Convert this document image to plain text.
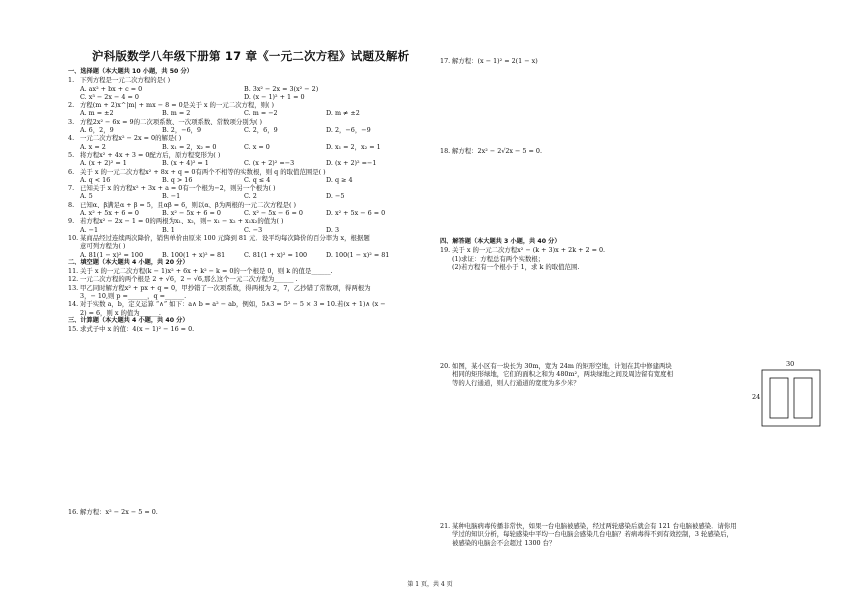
沪科版数学八年级下册第 17 章《一元二次方程》试题及解析
一、选择题（本大题共 10 小题，共 50 分）
1. 下列方程是一元二次方程的是( )
A. ax² + bx + c = 0	B. 3x² − 2x = 3(x² − 2)
C. x³ − 2x − 4 = 0	D. (x − 1)² + 1 = 0
2. 方程(m + 2)x^|m| + mx − 8 = 0是关于 x 的一元二次方程，则( )
A. m = ±2	B. m = 2	C. m = −2	D. m ≠ ±2
3. 方程2x² − 6x = 9的二次项系数、一次项系数、常数项分别为( )
A. 6，2，9	B. 2，−6，9	C. 2，6，9	D. 2，−6，−9
4. 一元二次方程x² − 2x = 0的解是( )
A. x = 2	B. x₁ = 2，x₂ = 0	C. x = 0	D. x₁ = 2，x₂ = 1
5. 将方程x² + 4x + 3 = 0配方后，原方程变形为( )
A. (x + 2)² = 1	B. (x + 4)² = 1	C. (x + 2)² =−3	D. (x + 2)² =−1
6. 关于 x 的一元二次方程x² + 8x + q = 0有两个不相等的实数根，则 q 的取值范围是( )
A. q < 16	B. q > 16	C. q ≤ 4	D. q ≥ 4
7. 已知关于 x 的方程x² + 3x + a = 0有一个根为−2，则另一个根为( )
A. 5	B. −1	C. 2	D. −5
8. 已知α、β满足α + β = 5，且αβ = 6，则以α、β为两根的一元二次方程是( )
A. x² + 5x + 6 = 0	B. x² − 5x + 6 = 0	C. x² − 5x − 6 = 0	D. x² + 5x − 6 = 0
9. 若方程x² − 2x − 1 = 0的两根为x₁、x₂，则− x₁ − x₂ + x₁x₂的值为( )
A. −1	B. 1	C. −3	D. 3
10. 某商品经过连续两次降价，销售单价由原来 100 元降到 81 元．设平均每次降价的百分率为 x，根据题
意可列方程为( )
A. 81(1 − x)² = 100	B. 100(1 + x)² = 81	C. 81(1 + x)² = 100	D. 100(1 − x)² = 81
二、填空题（本大题共 4 小题，共 20 分）
11. 关于 x 的一元二次方程(k − 1)x² + 6x + k² − k = 0的一个根是 0，则 k 的值是______.
12. 一元二次方程的两个根是 2 + √6，2 − √6,那么这个一元二次方程为______ .
13. 甲乙同时解方程x² + px + q = 0，甲抄错了一次项系数，得两根为 2，7，乙抄错了常数项，得两根为
3，− 10,则 p =______，q =______.
14. 对于实数 a，b，定义运算 “∧” 如下：a∧ b = a² − ab，例如，5∧3 = 5² − 5 × 3 = 10.若(x + 1)∧ (x −
2) = 6，则 x 的值为______.
三、计算题（本大题共 4 小题，共 40 分）
15. 求式子中 x 的值：4(x − 1)² − 16 = 0.
16. 解方程：x² − 2x − 5 = 0.
17. 解方程：(x − 1)² = 2(1 − x)
18. 解方程：2x² − 2√2x − 5 = 0.
四、解答题（本大题共 3 小题，共 40 分）
19. 关于 x 的一元二次方程x² − (k + 3)x + 2k + 2 = 0.
(1)求证：方程总有两个实数根；
(2)若方程有一个根小于 1，求 k 的取值范围.
20. 如图，某小区有一块长为 30m，宽为 24m 的矩形空地，计划在其中修建两块
相同的矩形绿地，它们的面积之和为 480m²，两块绿地之间及周边留有宽度相
等的人行通道，则人行通道的宽度为多少米？
30
24
21. 某种电脑病毒传播非常快，如果一台电脑被感染，经过两轮感染后就会有 121 台电脑被感染．请你用
学过的知识分析，每轮感染中平均一台电脑会感染几台电脑？若病毒得不到有效控制，3 轮感染后，
被感染的电脑会不会超过 1300 台？
第 1 页，共 4 页
